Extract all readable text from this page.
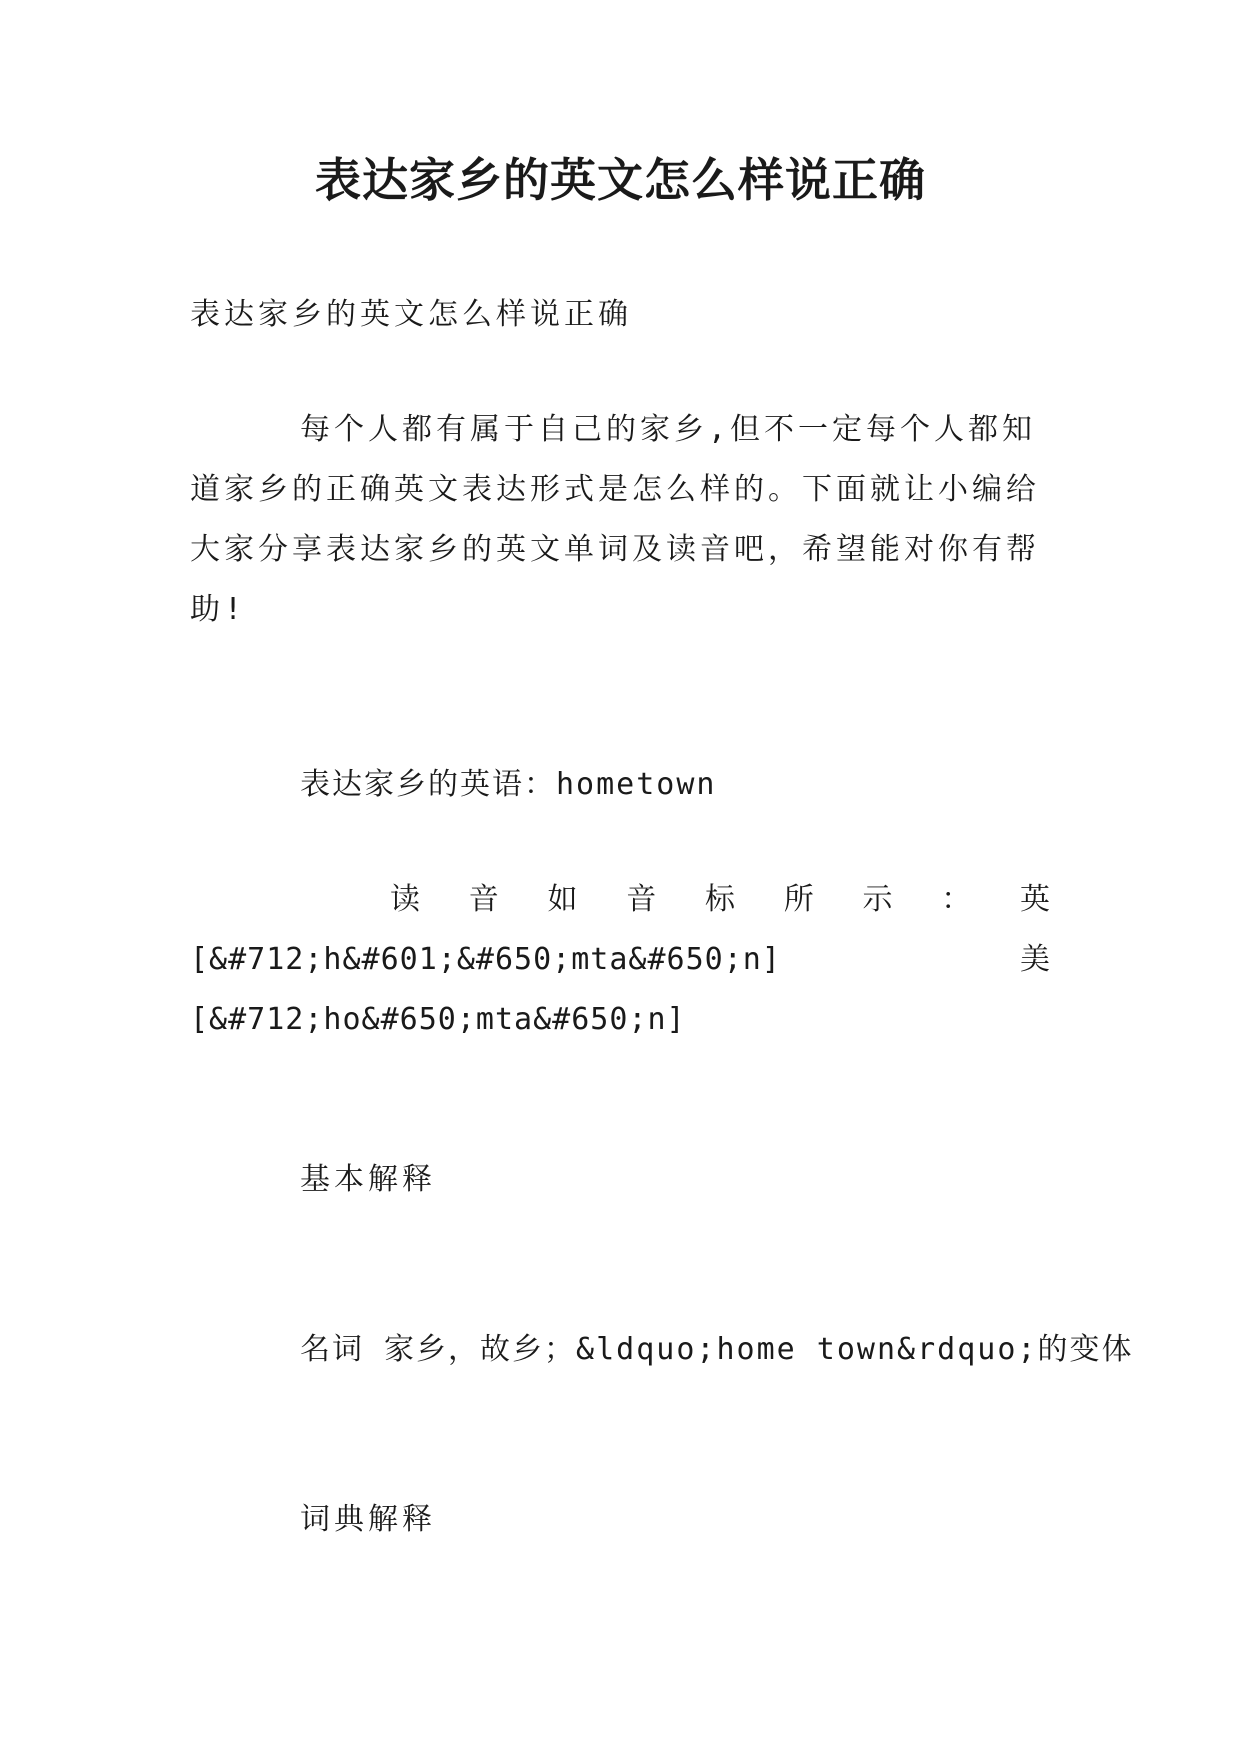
表达家乡的英文怎么样说正确
表达家乡的英文怎么样说正确
每个人都有属于自己的家乡,但不一定每个人都知道家乡的正确英文表达形式是怎么样的。下面就让小编给大家分享表达家乡的英文单词及读音吧，希望能对你有帮助!
表达家乡的英语：hometown
读 音 如 音 标 所 示 ： 英
[&#712;h&#601;&#650;mta&#650;n]	美
[&#712;ho&#650;mta&#650;n]
基本解释
名词 家乡，故乡；&ldquo;home town&rdquo;的变体
词典解释
